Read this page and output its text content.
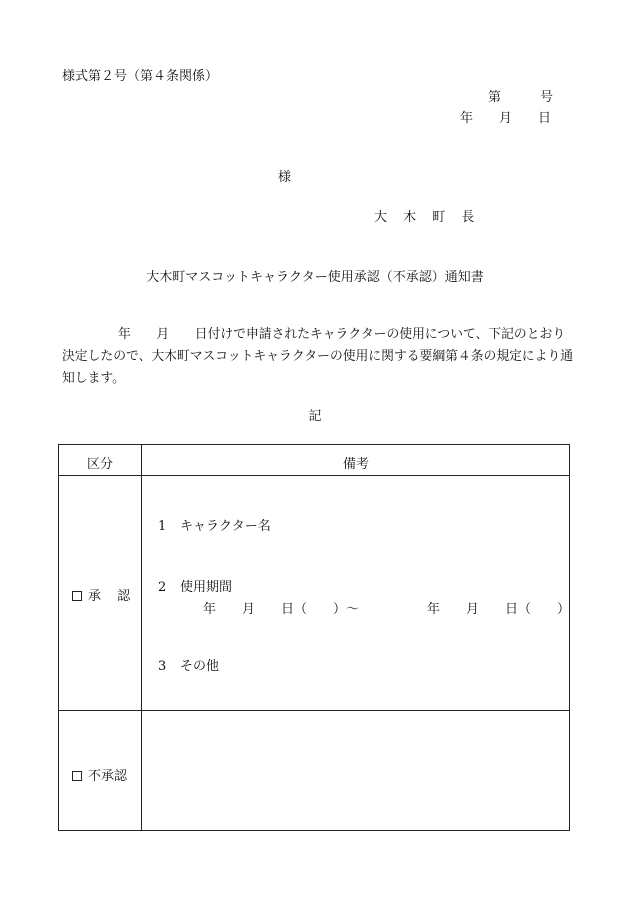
様式第２号（第４条関係）
第　　　号
年　　月　　日
様
大 木 町 長
大木町マスコットキャラクター使用承認（不承認）通知書
年　　月　　日付けで申請されたキャラクターの使用について、下記のとおり決定したので、大木町マスコットキャラクターの使用に関する要綱第４条の規定により通知します。
記
区分	備考
承 認
1 キャラクター名
2 使用期間
年　　月　　日（　　）～	年　　月　　日（　　）
3 その他
不承認
